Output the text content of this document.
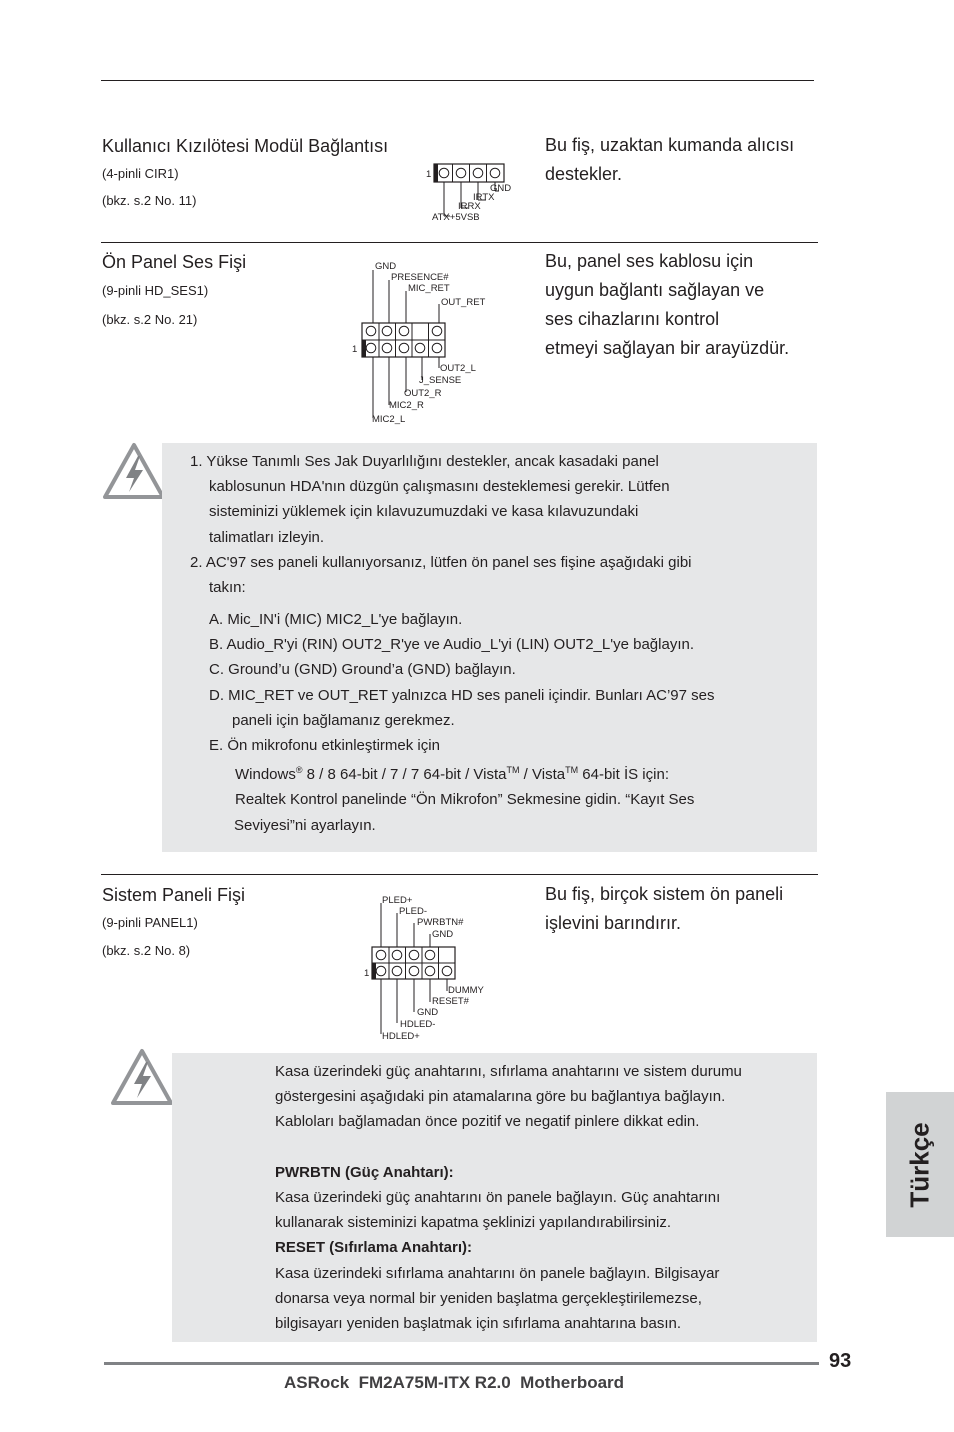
Kullanıcı Kızılötesi Modül Bağlantısı
(4-pinli CIR1)
(bkz. s.2 No. 11)
Bu fiş, uzaktan kumanda alıcısı
destekler.
1
GND
IRTX
IRRX
ATX+5VSB
Ön Panel Ses Fişi
(9-pinli HD_SES1)
(bkz. s.2 No. 21)
Bu, panel ses kablosu için
uygun bağlantı sağlayan ve
ses cihazlarını kontrol
etmeyi sağlayan bir arayüzdür.
1
GND
PRESENCE#
MIC_RET
OUT_RET
OUT2_L
J_SENSE
OUT2_R
MIC2_R
MIC2_L

1. Yükse Tanımlı Ses Jak Duyarlılığını destekler, ancak kasadaki panel

kablosunun HDA'nın düzgün çalışmasını desteklemesi gerekir. Lütfen

sisteminizi yüklemek için kılavuzumuzdaki ve kasa kılavuzundaki

talimatları izleyin.

2. AC'97 ses paneli kullanıyorsanız, lütfen ön panel ses fişine aşağıdaki gibi

takın:

A. Mic_IN'i (MIC) MIC2_L'ye bağlayın.

B. Audio_R'yi (RIN) OUT2_R'ye ve Audio_L'yi (LIN) OUT2_L'ye bağlayın.

C. Ground’u (GND) Ground’a (GND) bağlayın.

D. MIC_RET ve OUT_RET yalnızca HD ses paneli içindir. Bunları AC’97 ses

paneli için bağlamanız gerekmez.

E. Ön mikrofonu etkinleştirmek için

Windows® 8 / 8 64-bit / 7 / 7 64-bit / Vista™ / Vista™ 64-bit İS için:

Realtek Kontrol panelinde “Ön Mikrofon” Sekmesine gidin. “Kayıt Ses

Seviyesi”ni ayarlayın.

Sistem Paneli Fişi
(9-pinli PANEL1)
(bkz. s.2 No. 8)
Bu fiş, birçok sistem ön paneli
işlevini barındırır.
1
PLED+
PLED-
PWRBTN#
GND
DUMMY
RESET#
GND
HDLED-
HDLED+

Kasa üzerindeki güç anahtarını, sıfırlama anahtarını ve sistem durumu

göstergesini aşağıdaki pin atamalarına göre bu bağlantıya bağlayın.

Kabloları bağlamadan önce pozitif ve negatif pinlere dikkat edin.

PWRBTN (Güç Anahtarı):

Kasa üzerindeki güç anahtarını ön panele bağlayın. Güç anahtarını

kullanarak sisteminizi kapatma şeklinizi yapılandırabilirsiniz.

RESET (Sıfırlama Anahtarı):

Kasa üzerindeki sıfırlama anahtarını ön panele bağlayın. Bilgisayar

donarsa veya normal bir yeniden başlatma gerçekleştirilemezse,

bilgisayarı yeniden başlatmak için sıfırlama anahtarına basın.

Türkçe
93
ASRock  FM2A75M-ITX R2.0  Motherboard
